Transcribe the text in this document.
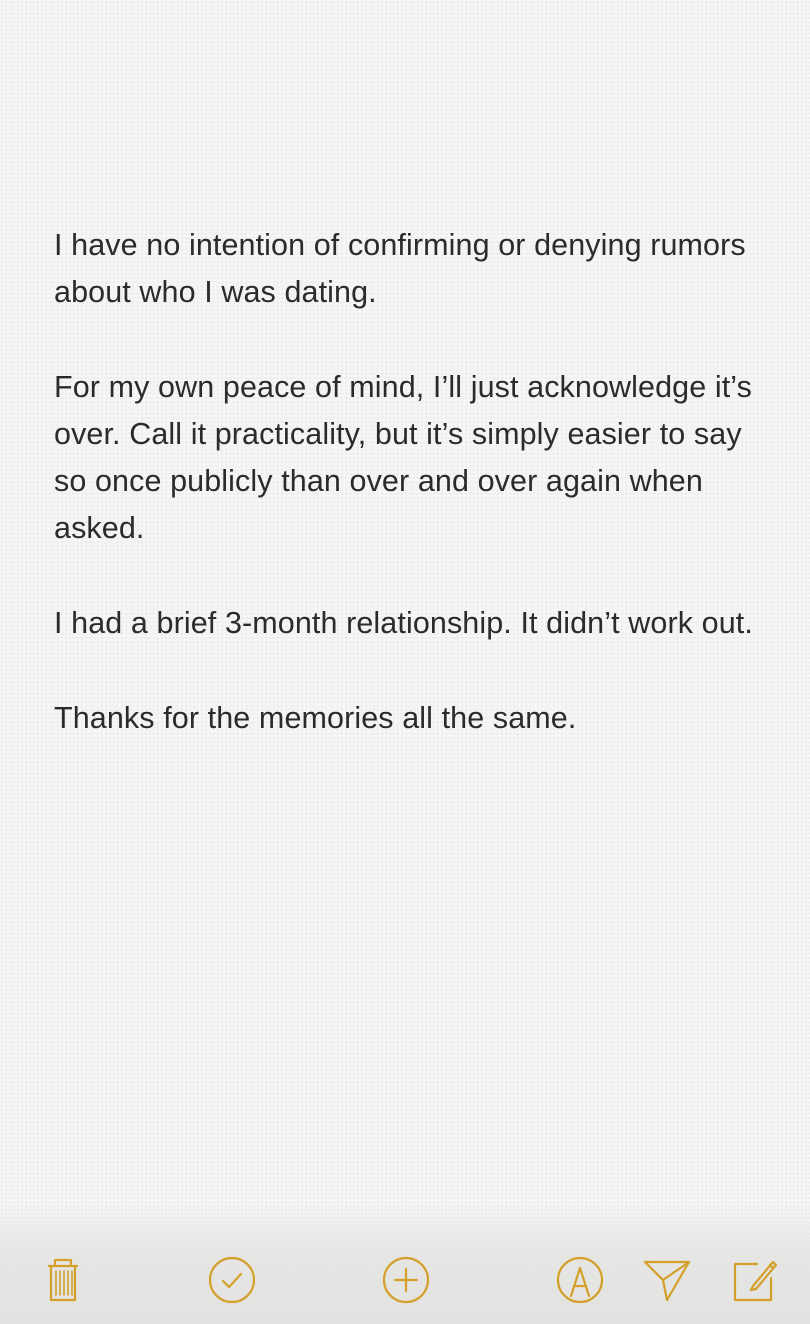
I have no intention of confirming or denying rumors about who I was dating.

For my own peace of mind, I’ll just acknowledge it’s over. Call it practicality, but it’s simply easier to say so once publicly than over and over again when asked.

I had a brief 3-month relationship. It didn’t work out.

Thanks for the memories all the same.
